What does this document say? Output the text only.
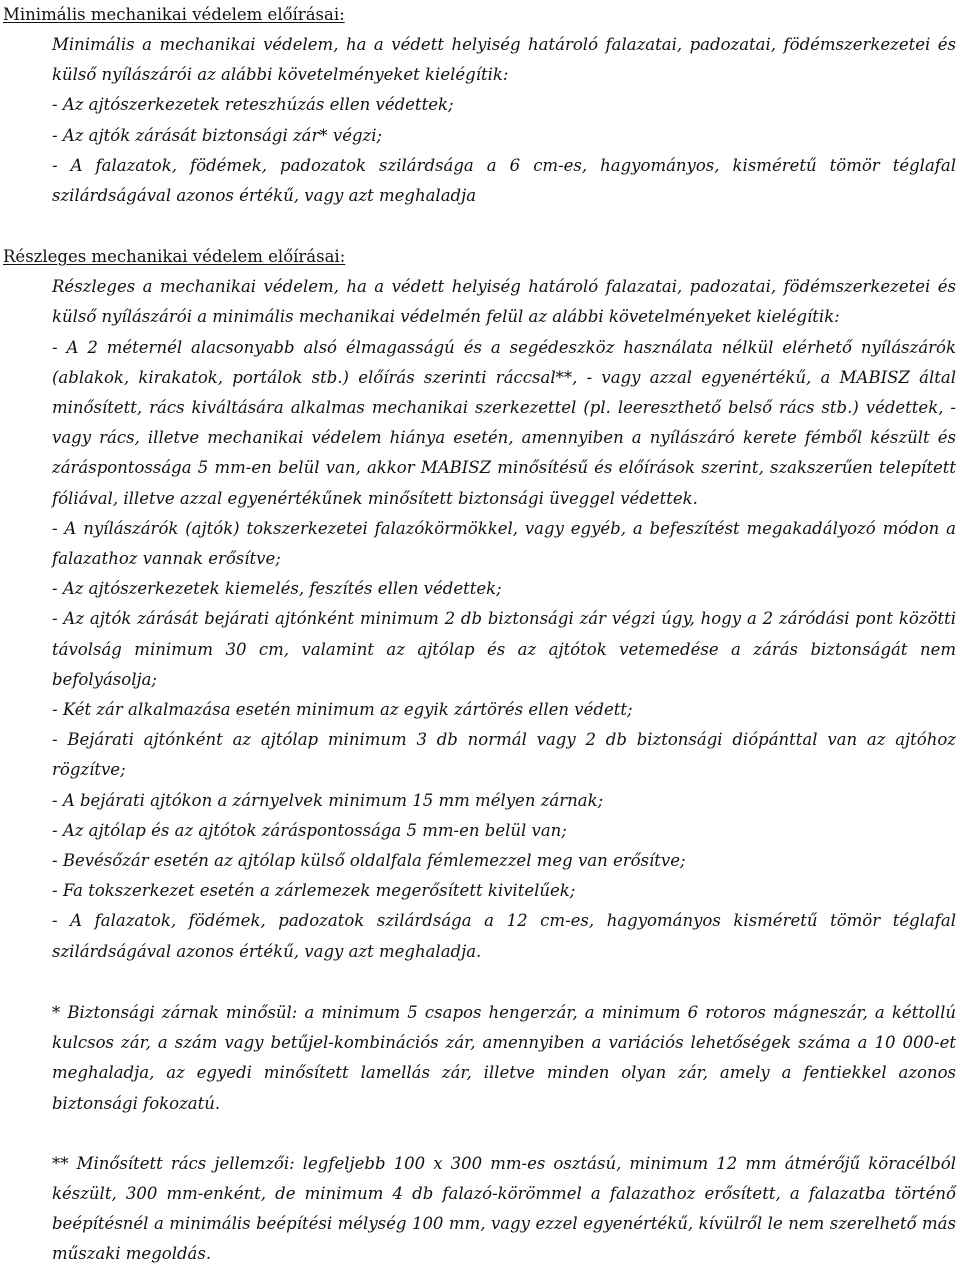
Minimális mechanikai védelem előírásai:

Minimális a mechanikai védelem, ha a védett helyiség határoló falazatai, padozatai, födémszerkezetei és külső nyílászárói az alábbi követelményeket kielégítik:

- Az ajtószerkezetek reteszhúzás ellen védettek;

- Az ajtók zárását biztonsági zár* végzi;

- A falazatok, födémek, padozatok szilárdsága a 6 cm-es, hagyományos, kisméretű tömör téglafal szilárdságával azonos értékű, vagy azt meghaladja

Részleges mechanikai védelem előírásai:

Részleges a mechanikai védelem, ha a védett helyiség határoló falazatai, padozatai, födémszerkezetei és külső nyílászárói a minimális mechanikai védelmén felül az alábbi követelményeket kielégítik:

- A 2 méternél alacsonyabb alsó élmagasságú és a segédeszköz használata nélkül elérhető nyílászárók (ablakok, kirakatok, portálok stb.) előírás szerinti ráccsal**, - vagy azzal egyenértékű, a MABISZ által minősített, rács kiváltására alkalmas mechanikai szerkezettel (pl. leereszthető belső rács stb.) védettek, - vagy rács, illetve mechanikai védelem hiánya esetén, amennyiben a nyílászáró kerete fémből készült és záráspontossága 5 mm-en belül van, akkor MABISZ minősítésű és előírások szerint, szakszerűen telepített fóliával, illetve azzal egyenértékűnek minősített biztonsági üveggel védettek.

- A nyílászárók (ajtók) tokszerkezetei falazókörmökkel, vagy egyéb, a befeszítést megakadályozó módon a falazathoz vannak erősítve;

- Az ajtószerkezetek kiemelés, feszítés ellen védettek;

- Az ajtók zárását bejárati ajtónként minimum 2 db biztonsági zár végzi úgy, hogy a 2 záródási pont közötti távolság minimum 30 cm, valamint az ajtólap és az ajtótok vetemedése a zárás biztonságát nem befolyásolja;

- Két zár alkalmazása esetén minimum az egyik zártörés ellen védett;

- Bejárati ajtónként az ajtólap minimum 3 db normál vagy 2 db biztonsági diópánttal van az ajtóhoz rögzítve;

- A bejárati ajtókon a zárnyelvek minimum 15 mm mélyen zárnak;

- Az ajtólap és az ajtótok záráspontossága 5 mm-en belül van;

- Bevésőzár esetén az ajtólap külső oldalfala fémlemezzel meg van erősítve;

- Fa tokszerkezet esetén a zárlemezek megerősített kivitelűek;

- A falazatok, födémek, padozatok szilárdsága a 12 cm-es, hagyományos kisméretű tömör téglafal szilárdságával azonos értékű, vagy azt meghaladja.

* Biztonsági zárnak minősül: a minimum 5 csapos hengerzár, a minimum 6 rotoros mágneszár, a kéttollú kulcsos zár, a szám vagy betűjel-kombinációs zár, amennyiben a variációs lehetőségek száma a 10 000-et meghaladja, az egyedi minősített lamellás zár, illetve minden olyan zár, amely a fentiekkel azonos biztonsági fokozatú.

** Minősített rács jellemzői: legfeljebb 100 x 300 mm-es osztású, minimum 12 mm átmérőjű köracélból készült, 300 mm-enként, de minimum 4 db falazó-körömmel a falazathoz erősített, a falazatba történő beépítésnél a minimális beépítési mélység 100 mm, vagy ezzel egyenértékű, kívülről le nem szerelhető más műszaki megoldás.
